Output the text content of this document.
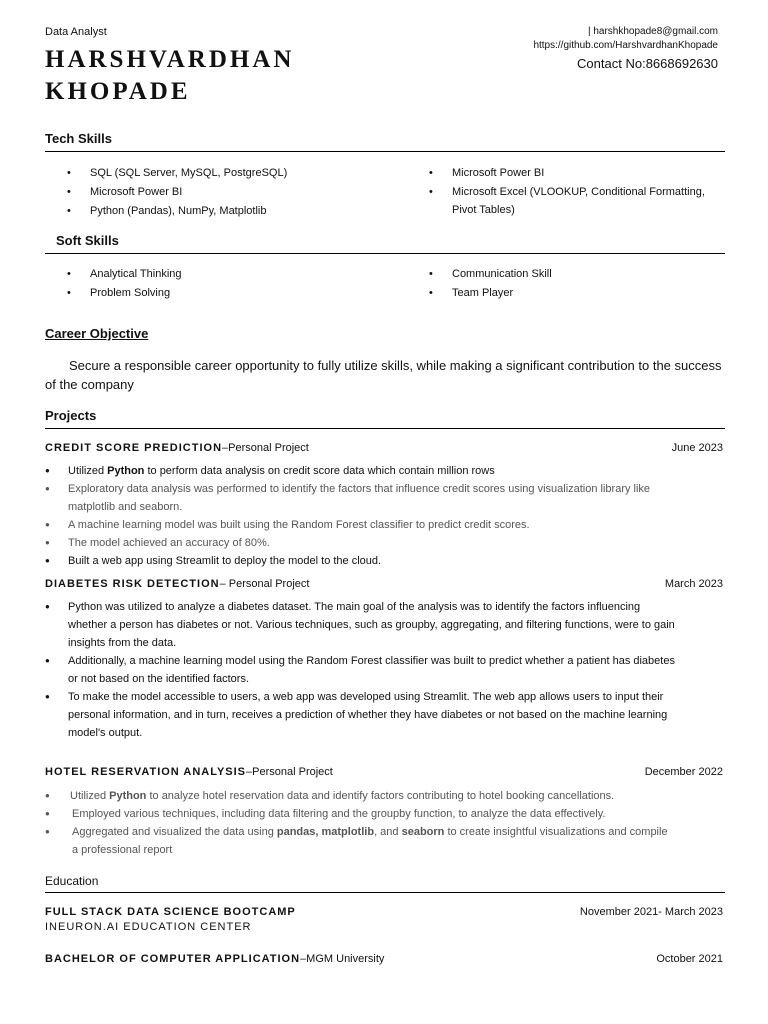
Data Analyst
HARSHVARDHAN
KHOPADE
| harshkhopade8@gmail.com
https://github.com/HarshvardhanKhopade
Contact No:8668692630
Tech Skills
• SQL (SQL Server, MySQL, PostgreSQL)
• Microsoft Power BI
• Python (Pandas), NumPy, Matplotlib
• Microsoft Power BI
• Microsoft Excel (VLOOKUP, Conditional Formatting, Pivot Tables)
Soft Skills
• Analytical Thinking
• Problem Solving
• Communication Skill
• Team Player
Career Objective
Secure a responsible career opportunity to fully utilize skills, while making a significant contribution to the success of the company
Projects
CREDIT SCORE PREDICTION–Personal Project	June 2023
● Utilized Python to perform data analysis on credit score data which contain million rows
● Exploratory data analysis was performed to identify the factors that influence credit scores using visualization library like matplotlib and seaborn.
● A machine learning model was built using the Random Forest classifier to predict credit scores.
● The model achieved an accuracy of 80%.
● Built a web app using Streamlit to deploy the model to the cloud.
DIABETES RISK DETECTION– Personal Project	March 2023
● Python was utilized to analyze a diabetes dataset. The main goal of the analysis was to identify the factors influencing whether a person has diabetes or not. Various techniques, such as groupby, aggregating, and filtering functions, were to gain insights from the data.
● Additionally, a machine learning model using the Random Forest classifier was built to predict whether a patient has diabetes or not based on the identified factors.
● To make the model accessible to users, a web app was developed using Streamlit. The web app allows users to input their personal information, and in turn, receives a prediction of whether they have diabetes or not based on the machine learning model's output.
HOTEL RESERVATION ANALYSIS–Personal Project	December 2022
● Utilized Python to analyze hotel reservation data and identify factors contributing to hotel booking cancellations.
● Employed various techniques, including data filtering and the groupby function, to analyze the data effectively.
● Aggregated and visualized the data using pandas, matplotlib, and seaborn to create insightful visualizations and compile a professional report
Education
FULL STACK DATA SCIENCE BOOTCAMP	November 2021- March 2023
INEURON.AI EDUCATION CENTER
BACHELOR OF COMPUTER APPLICATION–MGM University	October 2021
